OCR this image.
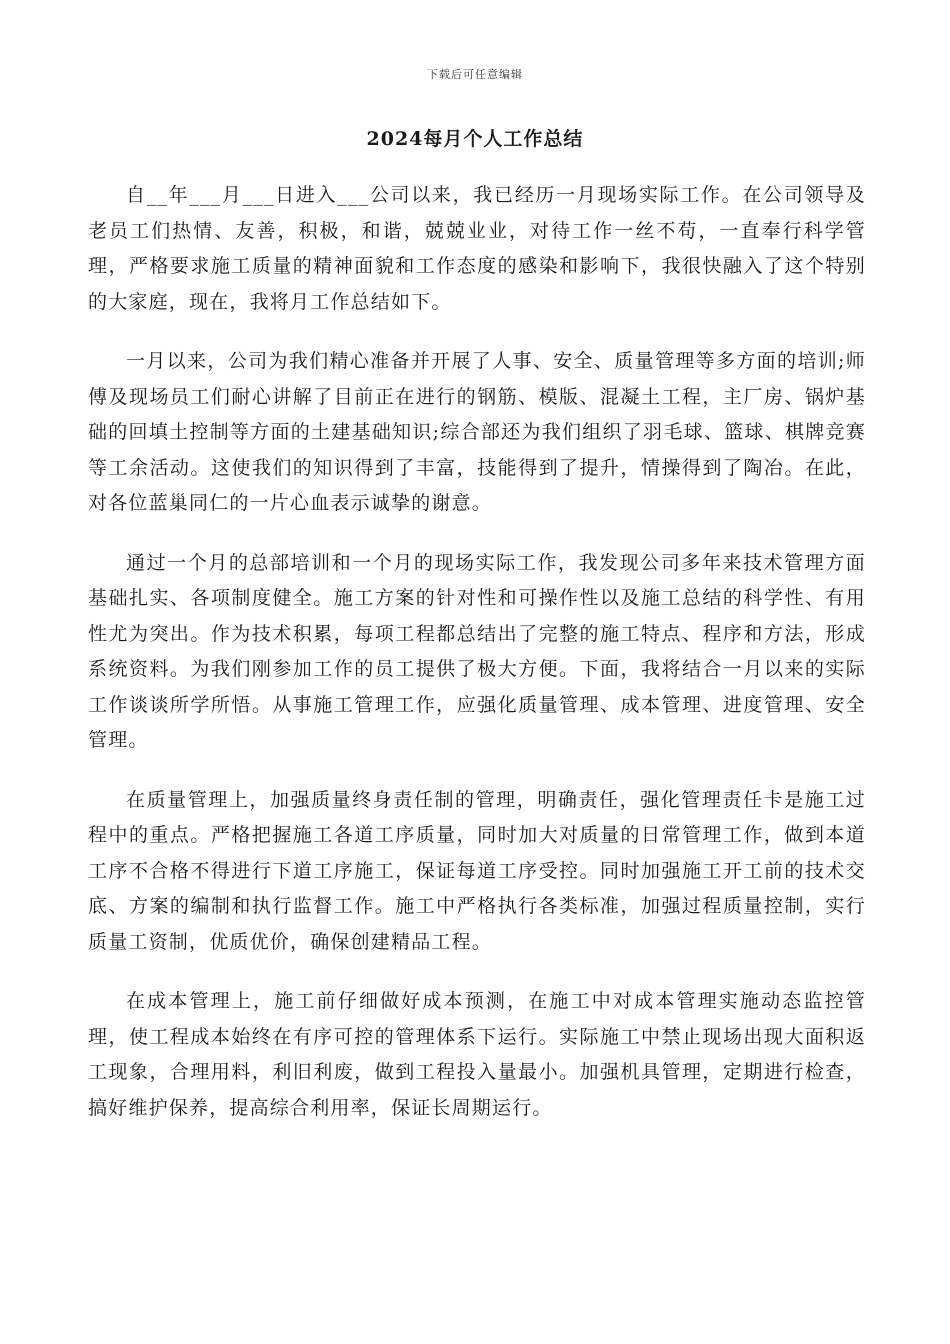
下载后可任意编辑
2024每月个人工作总结

自__年___月___日进入___公司以来，我已经历一月现场实际工作。在公司领导及老员工们热情、友善，积极，和谐，兢兢业业，对待工作一丝不苟，一直奉行科学管理，严格要求施工质量的精神面貌和工作态度的感染和影响下，我很快融入了这个特别的大家庭，现在，我将月工作总结如下。

一月以来，公司为我们精心准备并开展了人事、安全、质量管理等多方面的培训;师傅及现场员工们耐心讲解了目前正在进行的钢筋、模版、混凝土工程，主厂房、锅炉基础的回填土控制等方面的土建基础知识;综合部还为我们组织了羽毛球、篮球、棋牌竞赛等工余活动。这使我们的知识得到了丰富，技能得到了提升，情操得到了陶冶。在此，对各位蓝巢同仁的一片心血表示诚挚的谢意。

通过一个月的总部培训和一个月的现场实际工作，我发现公司多年来技术管理方面基础扎实、各项制度健全。施工方案的针对性和可操作性以及施工总结的科学性、有用性尤为突出。作为技术积累，每项工程都总结出了完整的施工特点、程序和方法，形成系统资料。为我们刚参加工作的员工提供了极大方便。下面，我将结合一月以来的实际工作谈谈所学所悟。从事施工管理工作，应强化质量管理、成本管理、进度管理、安全管理。

在质量管理上，加强质量终身责任制的管理，明确责任，强化管理责任卡是施工过程中的重点。严格把握施工各道工序质量，同时加大对质量的日常管理工作，做到本道工序不合格不得进行下道工序施工，保证每道工序受控。同时加强施工开工前的技术交底、方案的编制和执行监督工作。施工中严格执行各类标准，加强过程质量控制，实行质量工资制，优质优价，确保创建精品工程。

在成本管理上，施工前仔细做好成本预测，在施工中对成本管理实施动态监控管理，使工程成本始终在有序可控的管理体系下运行。实际施工中禁止现场出现大面积返工现象，合理用料，利旧利废，做到工程投入量最小。加强机具管理，定期进行检查，搞好维护保养，提高综合利用率，保证长周期运行。
